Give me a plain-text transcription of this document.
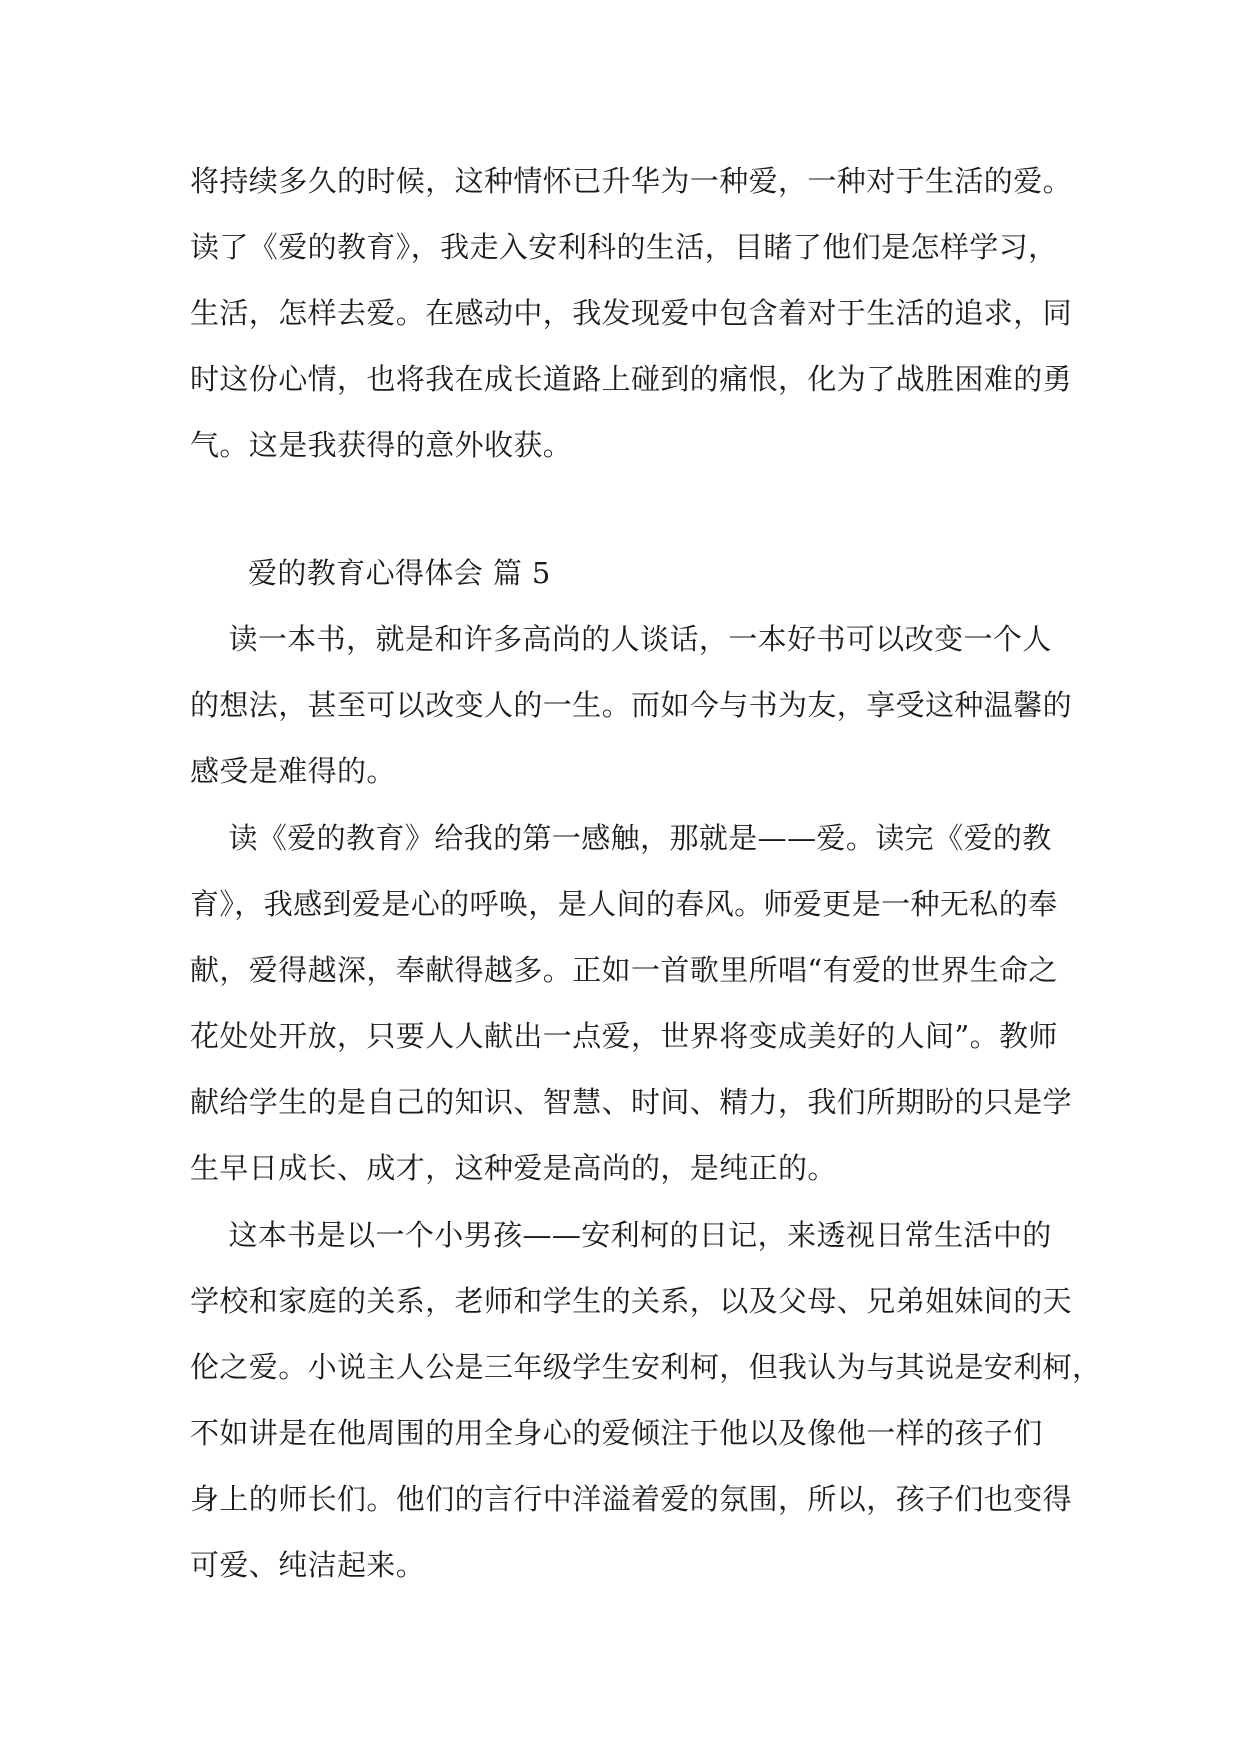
将持续多久的时候，这种情怀已升华为一种爱，一种对于生活的爱。
读了《爱的教育》，我走入安利科的生活，目睹了他们是怎样学习，
生活，怎样去爱。在感动中，我发现爱中包含着对于生活的追求，同
时这份心情，也将我在成长道路上碰到的痛恨，化为了战胜困难的勇
气。这是我获得的意外收获。
爱的教育心得体会 篇 5
读一本书，就是和许多高尚的人谈话，一本好书可以改变一个人
的想法，甚至可以改变人的一生。而如今与书为友，享受这种温馨的
感受是难得的。
读《爱的教育》给我的第一感触，那就是——爱。读完《爱的教
育》，我感到爱是心的呼唤，是人间的春风。师爱更是一种无私的奉
献，爱得越深，奉献得越多。正如一首歌里所唱“有爱的世界生命之
花处处开放，只要人人献出一点爱，世界将变成美好的人间”。教师
献给学生的是自己的知识、智慧、时间、精力，我们所期盼的只是学
生早日成长、成才，这种爱是高尚的，是纯正的。
这本书是以一个小男孩——安利柯的日记，来透视日常生活中的
学校和家庭的关系，老师和学生的关系，以及父母、兄弟姐妹间的天
伦之爱。小说主人公是三年级学生安利柯，但我认为与其说是安利柯，
不如讲是在他周围的用全身心的爱倾注于他以及像他一样的孩子们
身上的师长们。他们的言行中洋溢着爱的氛围，所以，孩子们也变得
可爱、纯洁起来。
